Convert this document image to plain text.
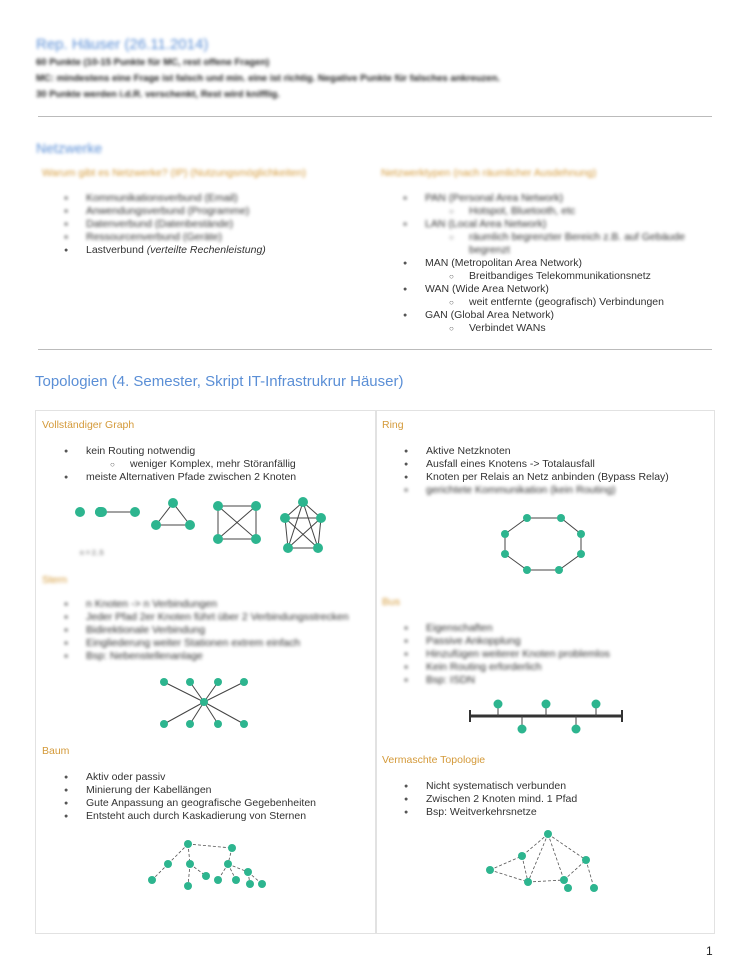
Rep. Häuser (26.11.2014)
60 Punkte (10-15 Punkte für MC, rest offene Fragen)
MC: mindestens eine Frage ist falsch und min. eine ist richtig. Negative Punkte für falsches ankreuzen.
30 Punkte werden i.d.R. verschenkt, Rest wird knifflig.
Netzwerke
Warum gibt es Netzwerke? (IP) (Nutzungsmöglichkeiten)
● Kommunikationsverbund (Email)
● Anwendungsverbund (Programme)
● Datenverbund (Datenbestände)
● Ressourcenverbund (Geräte)
● Lastverbund (verteilte Rechenleistung)
Netzwerktypen (nach räumlicher Ausdehnung)
● PAN (Personal Area Network)
○ Hotspot, Bluetooth, etc
● LAN (Local Area Network)
○ räumlich begrenzter Bereich z.B. auf Gebäude begrenzt
● MAN (Metropolitan Area Network)
○ Breitbandiges Telekommunikationsnetz
● WAN (Wide Area Network)
○ weit entfernte (geografisch) Verbindungen
● GAN (Global Area Network)
○ Verbindet WANs
Topologien (4. Semester, Skript IT-Infrastrukrur Häuser)
Vollständiger Graph
● kein Routing notwendig
○ weniger Komplex, mehr Störanfällig
● meiste Alternativen Pfade zwischen 2 Knoten
n = 2..5
Stern
● n Knoten -> n Verbindungen
● Jeder Pfad 2er Knoten führt über 2 Verbindungsstrecken
● Bidirektionale Verbindung
● Eingliederung weiter Stationen extrem einfach
● Bsp: Nebenstellenanlage
Baum
● Aktiv oder passiv
● Minierung der Kabellängen
● Gute Anpassung an geografische Gegebenheiten
● Entsteht auch durch Kaskadierung von Sternen
Ring
● Aktive Netzknoten
● Ausfall eines Knotens -> Totalausfall
● Knoten per Relais an Netz anbinden (Bypass Relay)
● gerichtete Kommunikation (kein Routing)
Bus
● Eigenschaften
● Passive Ankopplung
● Hinzufügen weiterer Knoten problemlos
● Kein Routing erforderlich
● Bsp: ISDN
Vermaschte Topologie
● Nicht systematisch verbunden
● Zwischen 2 Knoten mind. 1 Pfad
● Bsp: Weitverkehrsnetze
1
